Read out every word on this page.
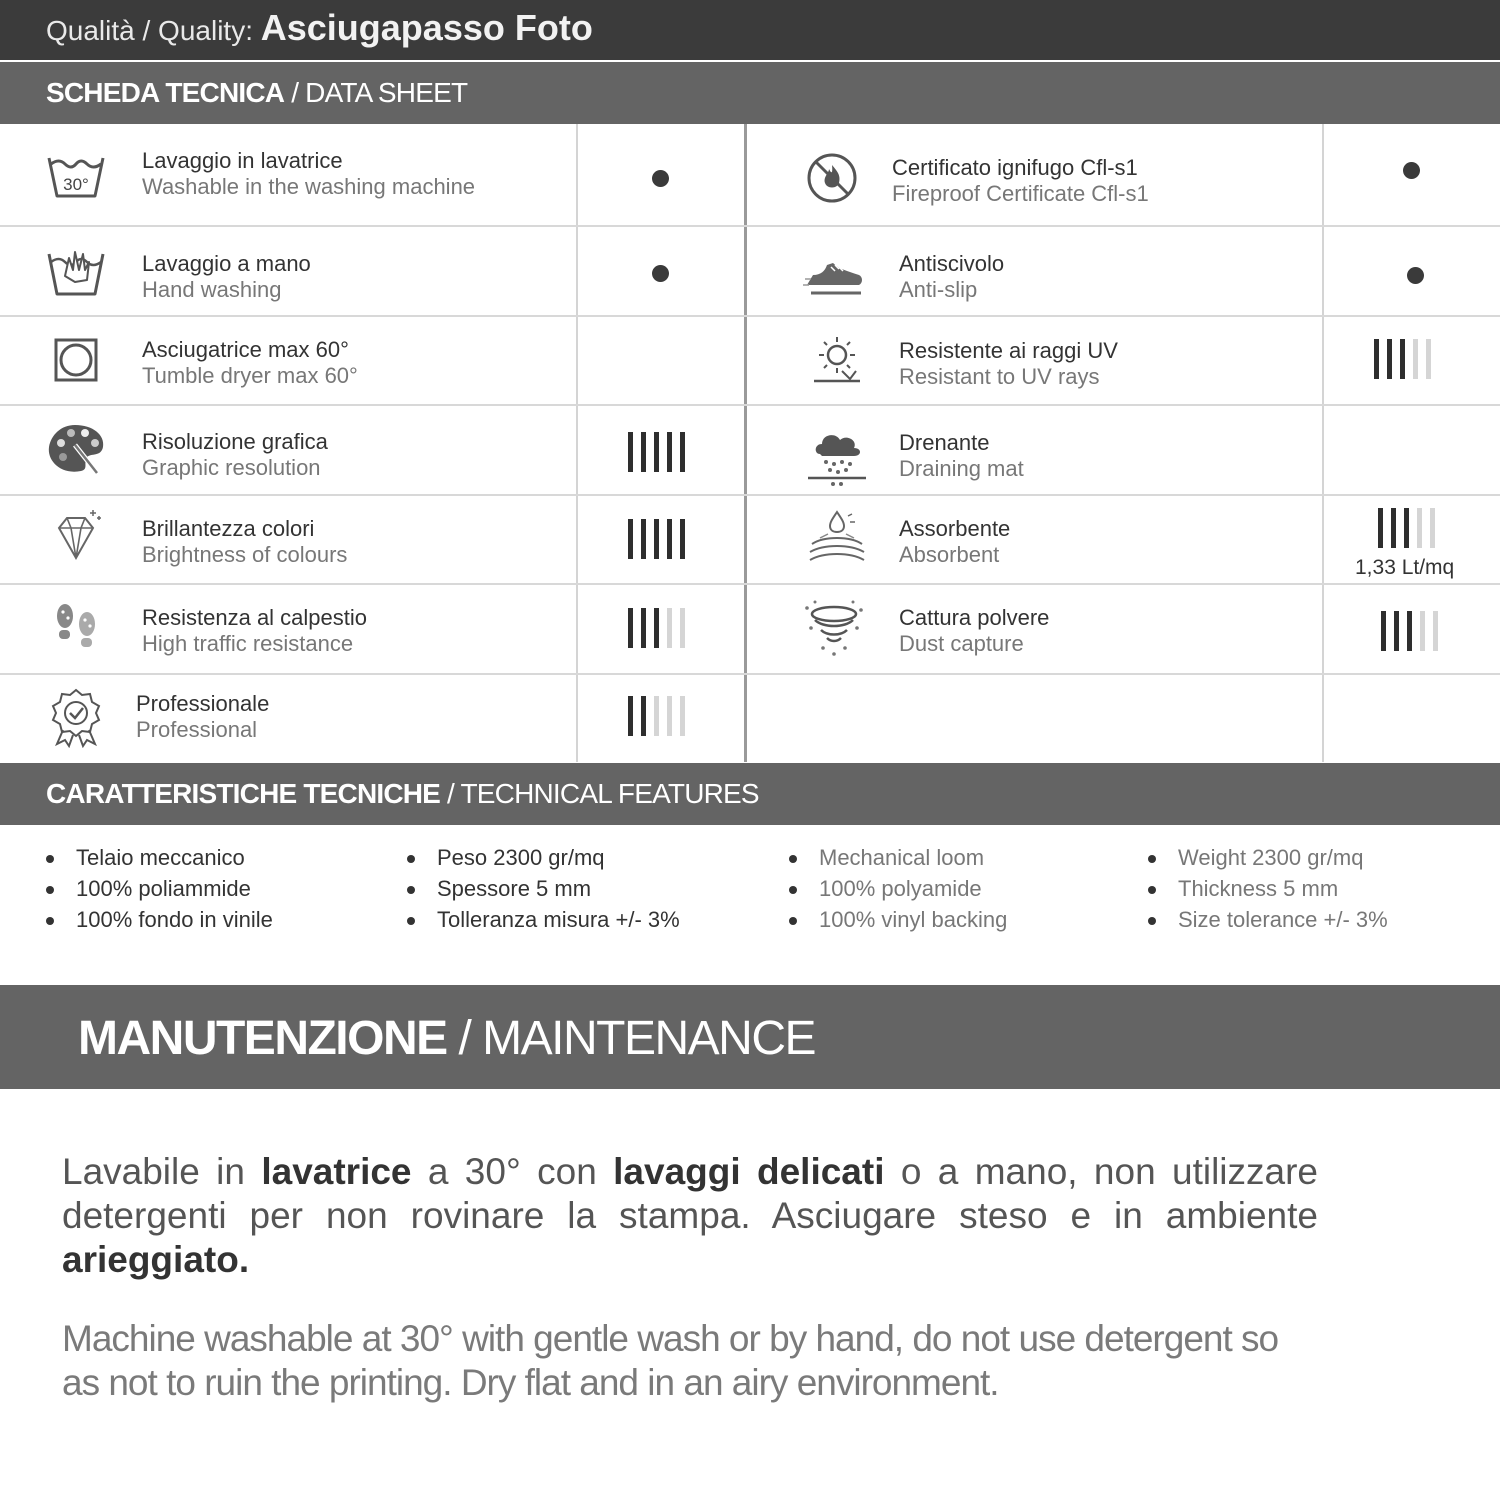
Qualità / Quality: Asciugapasso Foto
SCHEDA TECNICA / DATA SHEET
30°
Lavaggio in lavatrice
Washable in the washing machine
Lavaggio a mano
Hand washing
Asciugatrice max 60°
Tumble dryer max 60°
Risoluzione grafica
Graphic resolution
Brillantezza colori
Brightness of colours
Resistenza al calpestio
High traffic resistance
Professionale
Professional
Certificato ignifugo Cfl-s1
Fireproof Certificate Cfl-s1
Antiscivolo
Anti-slip
Resistente ai raggi UV
Resistant to UV rays
Drenante
Draining mat
Assorbente
Absorbent
1,33 Lt/mq
Cattura polvere
Dust capture
CARATTERISTICHE TECNICHE / TECHNICAL FEATURES
Telaio meccanico
100% poliammide
100% fondo in vinile
Peso 2300 gr/mq
Spessore 5 mm
Tolleranza misura +/- 3%
Mechanical loom
100% polyamide
100% vinyl backing
Weight 2300 gr/mq
Thickness 5 mm
Size tolerance +/- 3%
MANUTENZIONE / MAINTENANCE

Lavabile in lavatrice a 30° con lavaggi delicati o a mano, non utilizzare detergenti per non rovinare la stampa. Asciugare steso e in ambiente arieggiato.

Machine washable at 30° with gentle wash or by hand, do not use detergent so as not to ruin the printing. Dry flat and in an airy environment.
